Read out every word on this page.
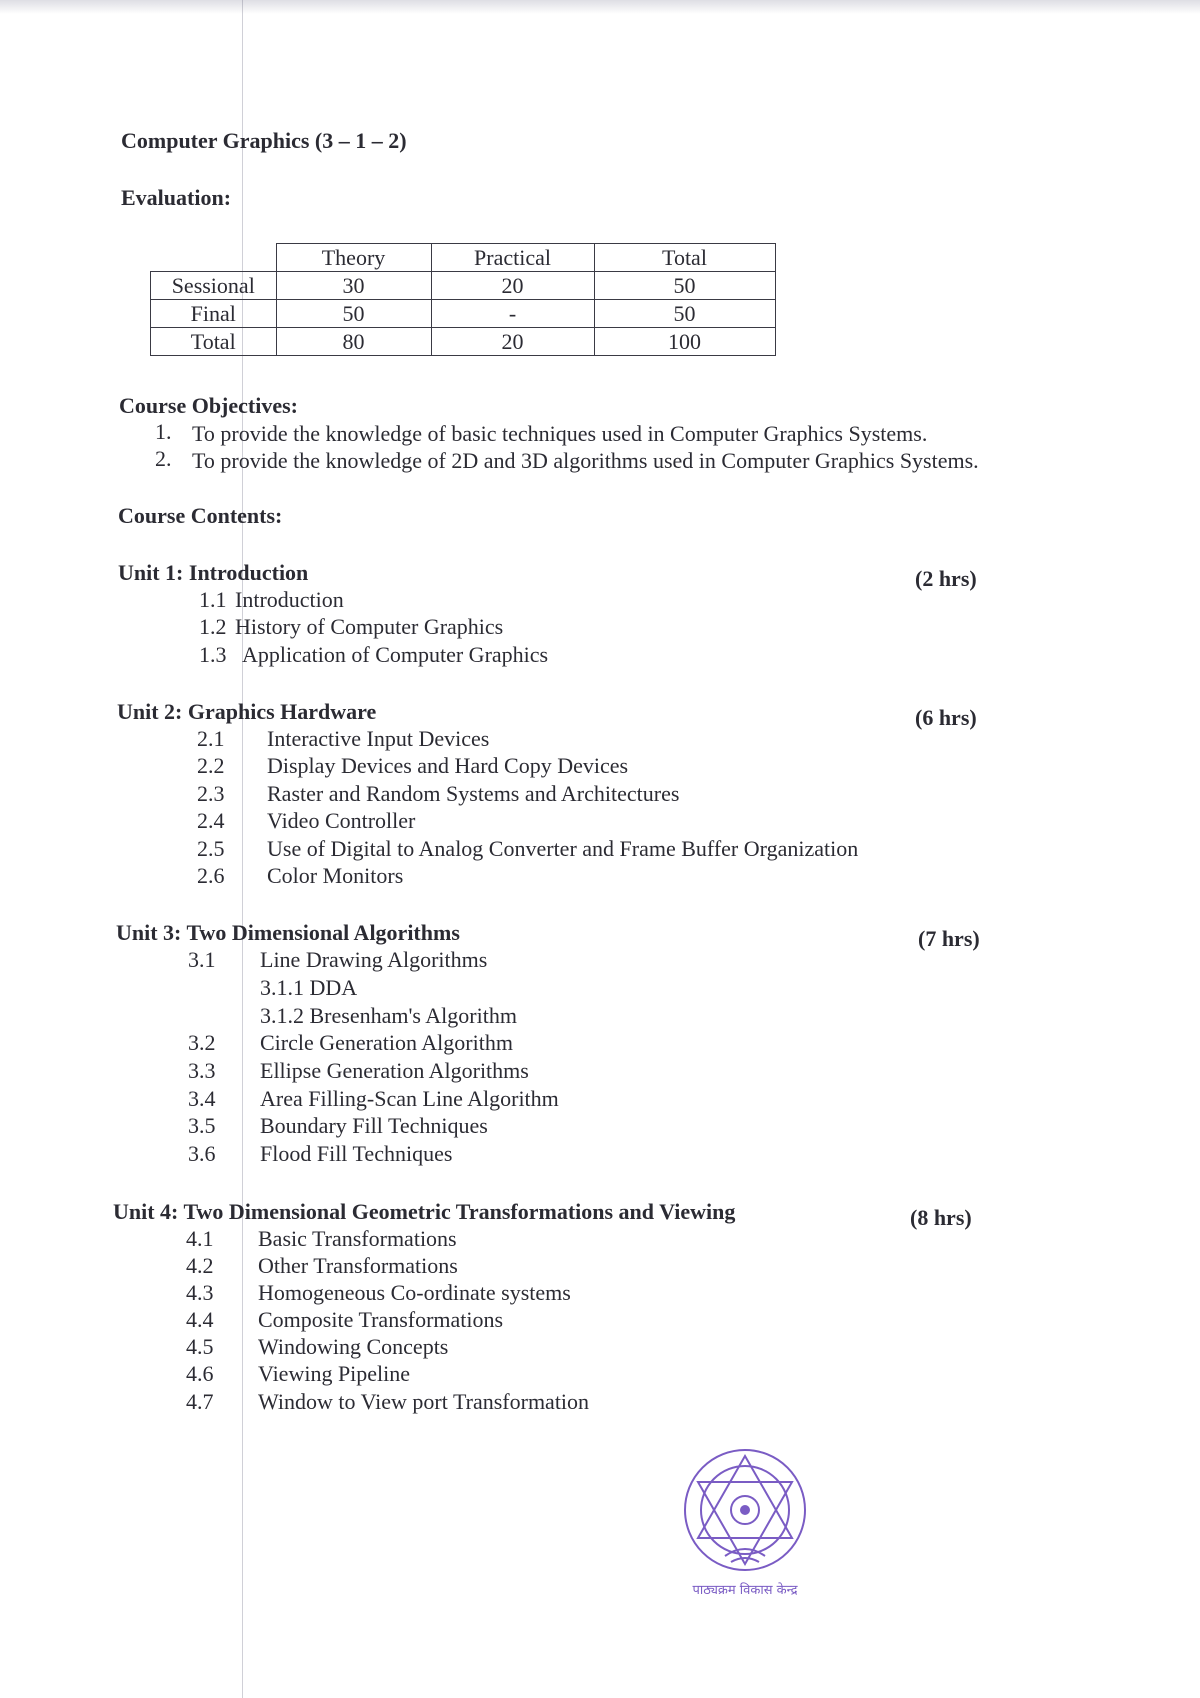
Computer Graphics (3 – 1 – 2)
Evaluation:
	Theory	Practical	Total
Sessional	30	20	50
Final	50	-	50
Total	80	20	100
Course Objectives:
1. To provide the knowledge of basic techniques used in Computer Graphics Systems.
2. To provide the knowledge of 2D and 3D algorithms used in Computer Graphics Systems.
Course Contents:
Unit 1: Introduction	(2 hrs)
1.1 Introduction
1.2 History of Computer Graphics
1.3 Application of Computer Graphics
Unit 2: Graphics Hardware	(6 hrs)
2.1 Interactive Input Devices
2.2 Display Devices and Hard Copy Devices
2.3 Raster and Random Systems and Architectures
2.4 Video Controller
2.5 Use of Digital to Analog Converter and Frame Buffer Organization
2.6 Color Monitors
Unit 3: Two Dimensional Algorithms	(7 hrs)
3.1 Line Drawing Algorithms
3.1.1 DDA
3.1.2 Bresenham's Algorithm
3.2 Circle Generation Algorithm
3.3 Ellipse Generation Algorithms
3.4 Area Filling-Scan Line Algorithm
3.5 Boundary Fill Techniques
3.6 Flood Fill Techniques
Unit 4: Two Dimensional Geometric Transformations and Viewing	(8 hrs)
4.1 Basic Transformations
4.2 Other Transformations
4.3 Homogeneous Co-ordinate systems
4.4 Composite Transformations
4.5 Windowing Concepts
4.6 Viewing Pipeline
4.7 Window to View port Transformation
पाठ्यक्रम विकास केन्द्र
